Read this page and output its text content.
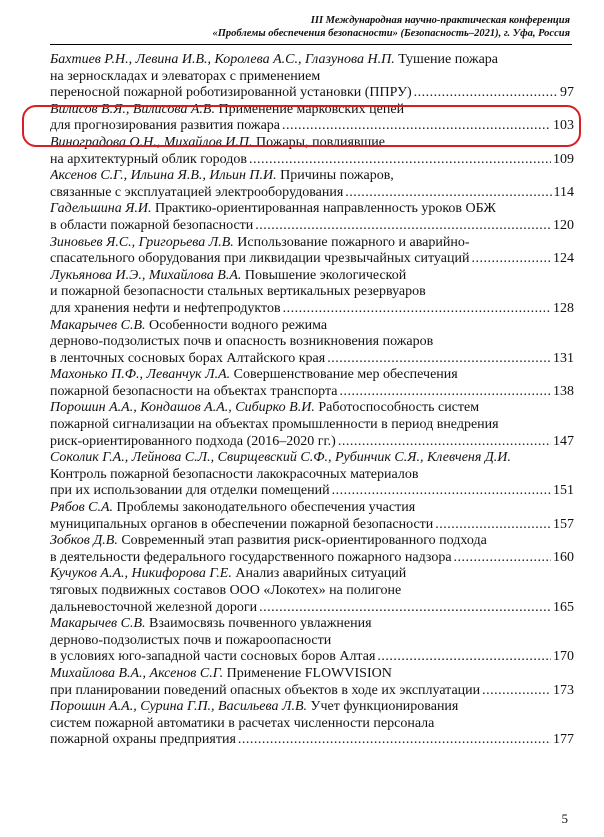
III Международная научно-практическая конференция
«Проблемы обеспечения безопасности» (Безопасность–2021), г. Уфа, Россия
Бахтиев Р.Н., Левина И.В., Королева А.С., Глазунова Н.П. Тушение пожара
на зерноскладах и элеваторах с применением
переносной пожарной роботизированной установки (ППРУ) . . .	97
Вилисов В.Я., Вилисова А.В. Применение марковских цепей
для прогнозирования развития пожара . . .	103
Виноградова О.Н., Михайлов И.П. Пожары, повлиявшие
на архитектурный облик городов . . .	109
Аксенов С.Г., Ильина Я.В., Ильин П.И. Причины пожаров,
связанные с эксплуатацией электрооборудования . . .	114
Гадельшина Я.И. Практико-ориентированная направленность уроков ОБЖ
в области пожарной безопасности . . .	120
Зиновьев Я.С., Григорьева Л.В. Использование пожарного и аварийно-
спасательного оборудования при ликвидации чрезвычайных ситуаций . . .	124
Лукьянова И.Э., Михайлова В.А. Повышение экологической
и пожарной безопасности стальных вертикальных резервуаров
для хранения нефти и нефтепродуктов . . .	128
Макарычев С.В. Особенности водного режима
дерново-подзолистых почв и опасность возникновения пожаров
в ленточных сосновых борах Алтайского края . . .	131
Махонько П.Ф., Леванчук Л.А. Совершенствование мер обеспечения
пожарной безопасности на объектах транспорта . . .	138
Порошин А.А., Кондашов А.А., Сибирко В.И. Работоспособность систем
пожарной сигнализации на объектах промышленности в период внедрения
риск-ориентированного подхода (2016–2020 гг.) . . .	147
Соколик Г.А., Лейнова С.Л., Свирщевский С.Ф., Рубинчик С.Я., Клевченя Д.И.
Контроль пожарной безопасности лакокрасочных материалов
при их использовании для отделки помещений . . .	151
Рябов С.А. Проблемы законодательного обеспечения участия
муниципальных органов в обеспечении пожарной безопасности . . .	157
Зобков Д.В. Современный этап развития риск-ориентированного подхода
в деятельности федерального государственного пожарного надзора . . .	160
Кучуков А.А., Никифорова Г.Е. Анализ аварийных ситуаций
тяговых подвижных составов ООО «Локотех» на полигоне
дальневосточной железной дороги . . .	165
Макарычев С.В. Взаимосвязь почвенного увлажнения
дерново-подзолистых почв и пожароопасности
в условиях юго-западной части сосновых боров Алтая . . .	170
Михайлова В.А., Аксенов С.Г. Применение FLOWVISION
при планировании поведений опасных объектов в ходе их эксплуатации . . .	173
Порошин А.А., Сурина Г.П., Васильева Л.В. Учет функционирования
систем пожарной автоматики в расчетах численности персонала
пожарной охраны предприятия . . .	177
5
